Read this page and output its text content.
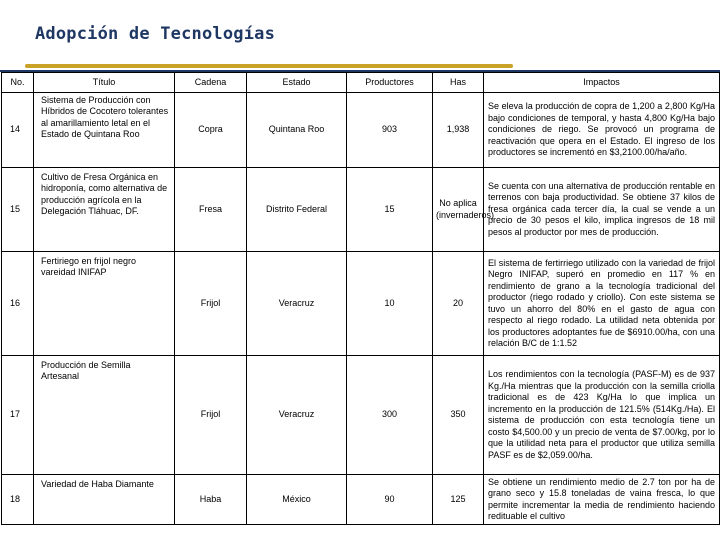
Adopción de Tecnologías
No.	Título	Cadena	Estado	Productores	Has	Impactos
14	Sistema de Producción con Híbridos de Cocotero tolerantes al amarillamiento letal en el Estado de Quintana Roo	Copra	Quintana Roo	903	1,938	Se eleva la producción de copra de 1,200 a 2,800 Kg/Ha bajo condiciones de temporal, y hasta 4,800 Kg/Ha bajo condiciones de riego. Se provocó un programa de reactivación que opera en el Estado. El ingreso de los productores se incrementó en $3,2100.00/ha/año.
15	Cultivo de Fresa Orgánica en hidroponía, como alternativa de producción agrícola en la Delegación Tláhuac, DF.	Fresa	Distrito Federal	15	No aplica (invernaderos)	Se cuenta con una alternativa de producción rentable en terrenos con baja productividad. Se obtiene 37 kilos de fresa orgánica cada tercer día, la cual se vende a un precio de 30 pesos el kilo, implica ingresos de 18 mil pesos al productor por mes de producción.
16	Fertiriego en frijol negro vareidad INIFAP	Frijol	Veracruz	10	20	El sistema de fertirriego utilizado con la variedad de frijol Negro INIFAP, superó en promedio en 117 % en rendimiento de grano a la tecnología tradicional del productor (riego rodado y criollo). Con este sistema se tuvo un ahorro del 80% en el gasto de agua con respecto al riego rodado. La utilidad neta obtenida por los productores adoptantes fue de $6910.00/ha, con una relación B/C de 1:1.52
17	Producción de Semilla Artesanal	Frijol	Veracruz	300	350	Los rendimientos con la tecnología (PASF-M) es de 937 Kg./Ha mientras que la producción con la semilla criolla tradicional es de 423 Kg/Ha lo que implica un incremento en la producción de 121.5% (514Kg./Ha). El sistema de producción con esta tecnología tiene un costo $4,500.00 y un precio de venta de $7.00/kg, por lo que la utilidad neta para el productor que utiliza semilla PASF es de $2,059.00/ha.
18	Variedad de Haba Diamante	Haba	México	90	125	Se obtiene un rendimiento medio de 2.7 ton por ha de grano seco y 15.8 toneladas de vaina fresca, lo que permite incrementar la media de rendimiento haciendo redituable el cultivo
